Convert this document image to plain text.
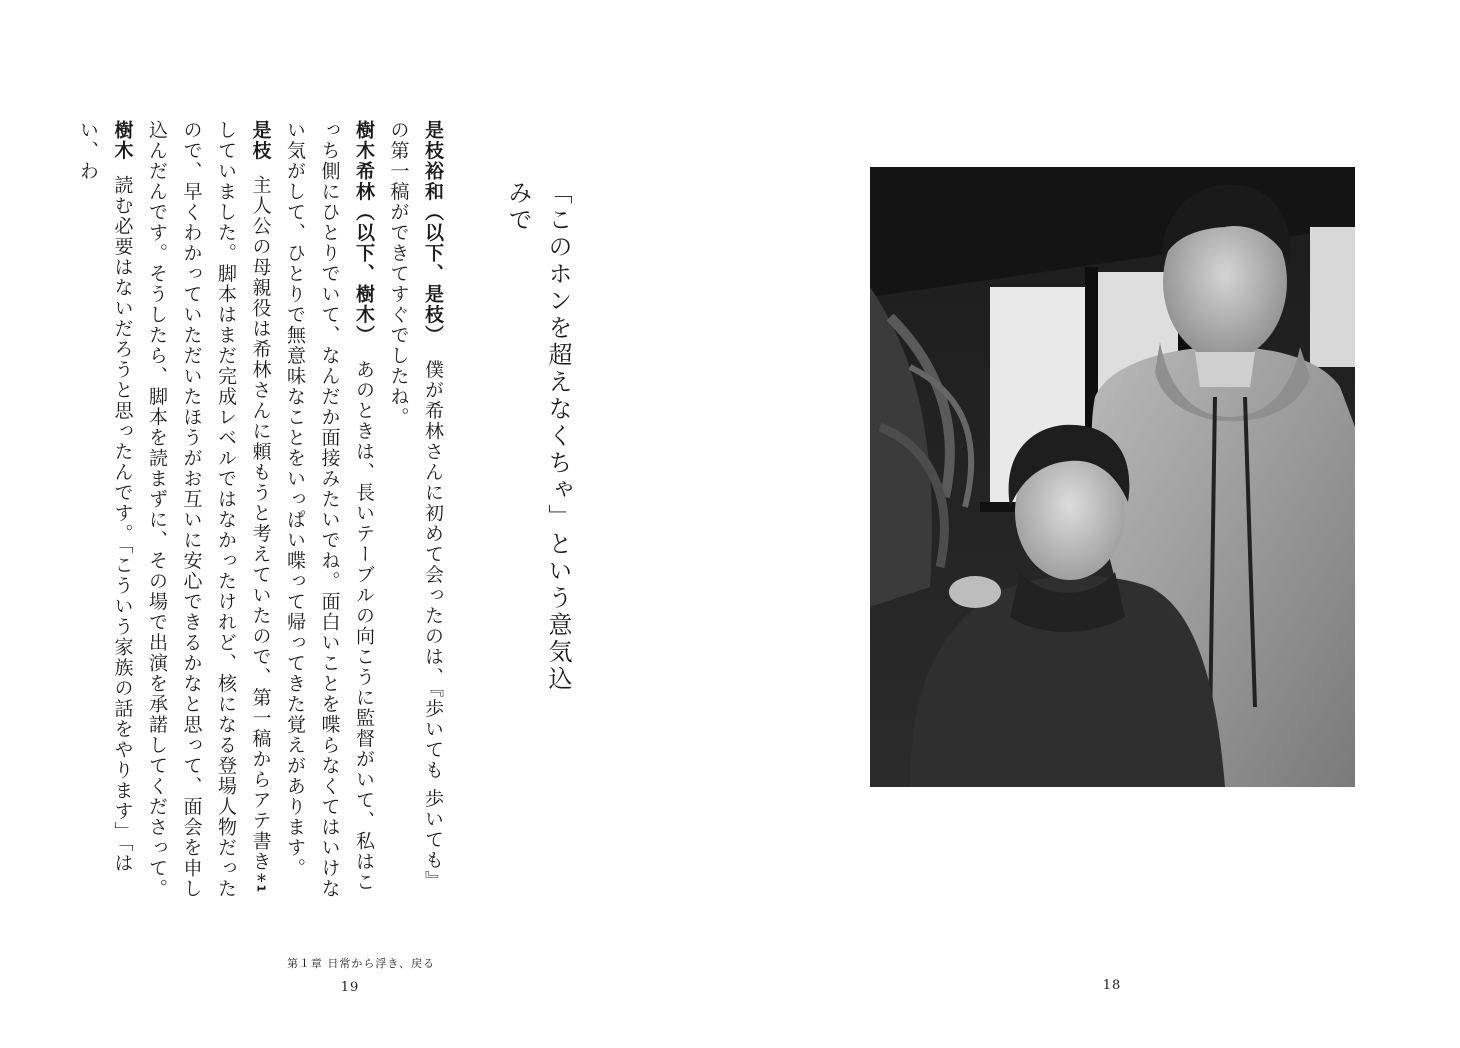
是枝裕和（以下、是枝）僕が希林さんに初めて会ったのは、『歩いても 歩いても』の第一稿ができてすぐでしたね。

樹木希林（以下、樹木）あのときは、長いテーブルの向こうに監督がいて、私はこっち側にひとりでいて、なんだか面接みたいでね。面白いことを喋らなくてはいけない気がして、ひとりで無意味なことをいっぱい喋って帰ってきた覚えがあります。

是枝主人公の母親役は希林さんに頼もうと考えていたので、第一稿からアテ書き＊1していました。脚本はまだ完成レベルではなかったけれど、核になる登場人物だったので、早くわかっていただいたほうがお互いに安心できるかなと思って、面会を申し込んだんです。そうしたら、脚本を読まずに、その場で出演を承諾してくださって。

樹木読む必要はないだろうと思ったんです。「こういう家族の話をやります」「はい、わ

「このホンを超えなくちゃ」という意気込みで
第１章 日常から浮き、戻る
19	18
